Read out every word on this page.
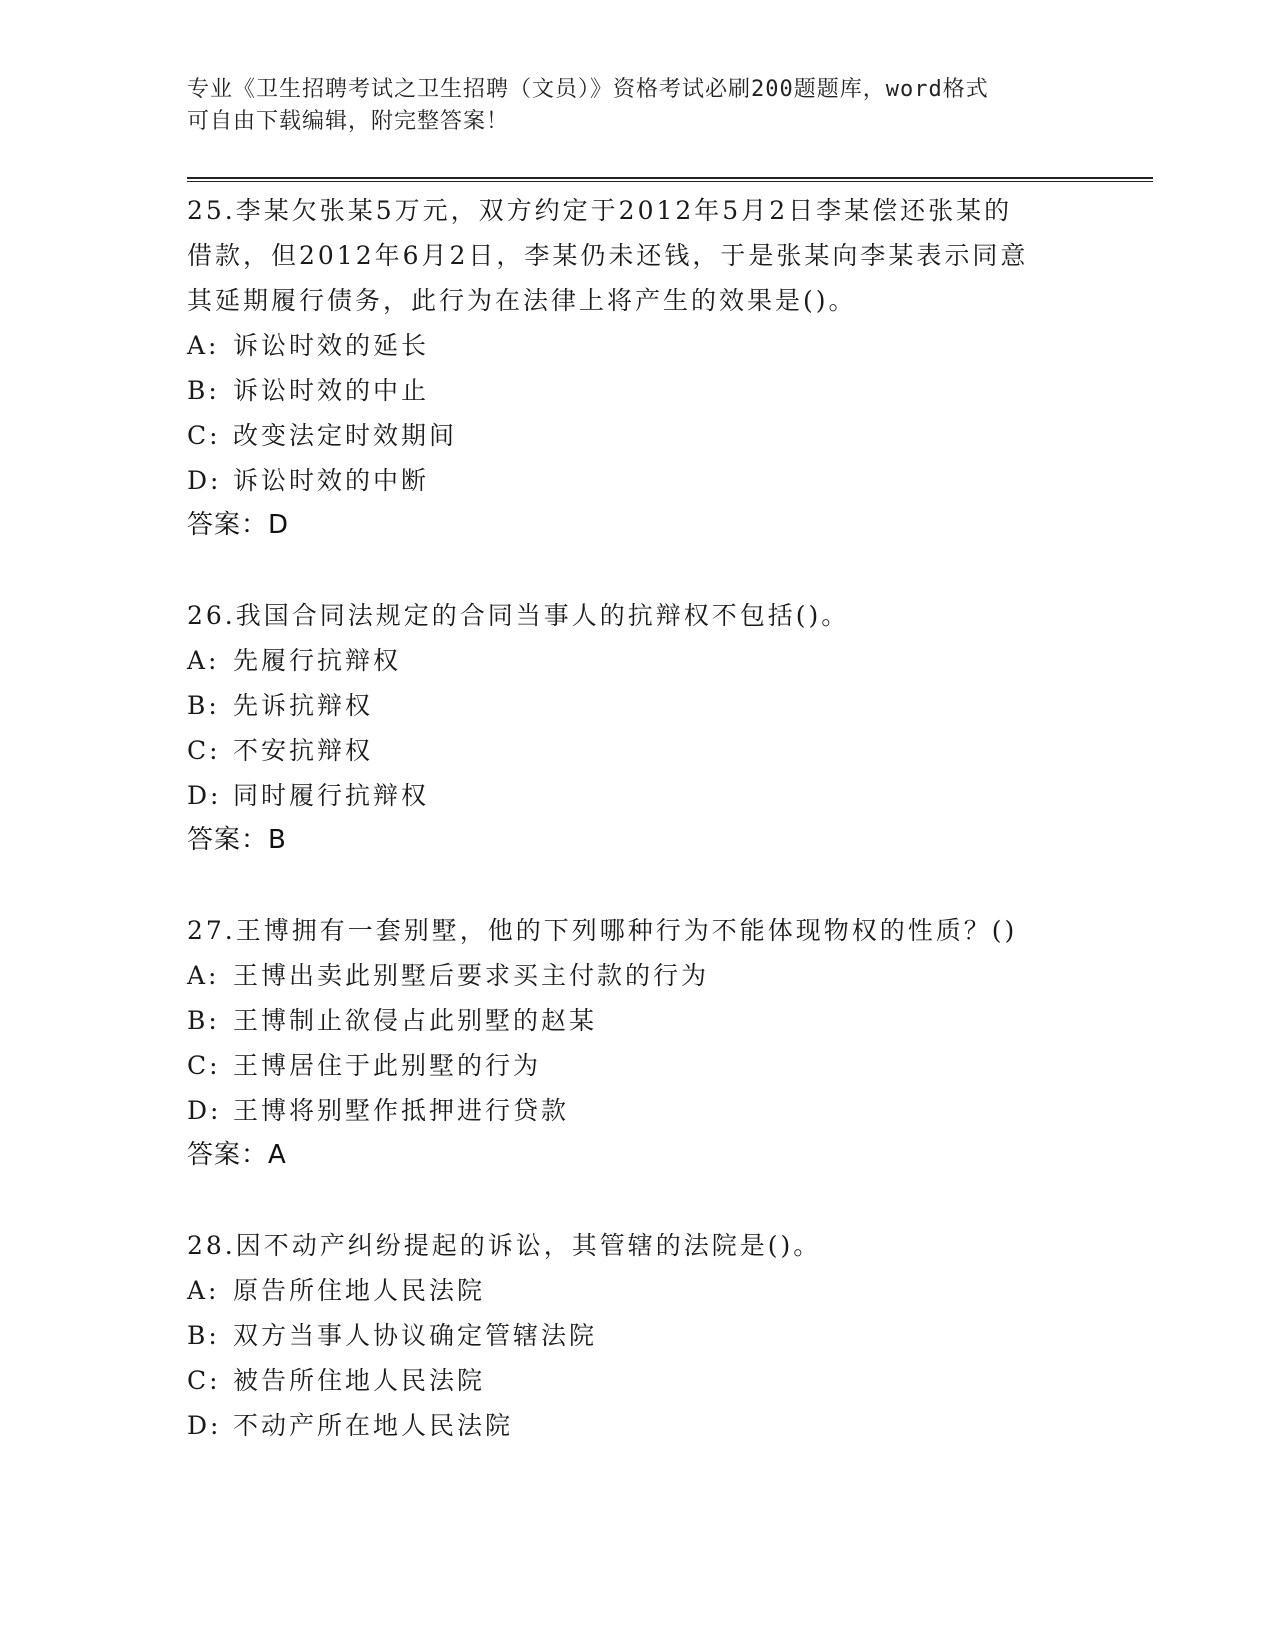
专业《卫生招聘考试之卫生招聘（文员）》资格考试必刷200题题库，word格式
可自由下载编辑，附完整答案！
25.李某欠张某5万元，双方约定于2012年5月2日李某偿还张某的
借款，但2012年6月2日，李某仍未还钱，于是张某向李某表示同意
其延期履行债务，此行为在法律上将产生的效果是()。
A: 诉讼时效的延长
B: 诉讼时效的中止
C: 改变法定时效期间
D: 诉讼时效的中断
答案：D
26.我国合同法规定的合同当事人的抗辩权不包括()。
A: 先履行抗辩权
B: 先诉抗辩权
C: 不安抗辩权
D: 同时履行抗辩权
答案：B
27.王博拥有一套别墅，他的下列哪种行为不能体现物权的性质？()
A: 王博出卖此别墅后要求买主付款的行为
B: 王博制止欲侵占此别墅的赵某
C: 王博居住于此别墅的行为
D: 王博将别墅作抵押进行贷款
答案：A
28.因不动产纠纷提起的诉讼，其管辖的法院是()。
A: 原告所住地人民法院
B: 双方当事人协议确定管辖法院
C: 被告所住地人民法院
D: 不动产所在地人民法院
